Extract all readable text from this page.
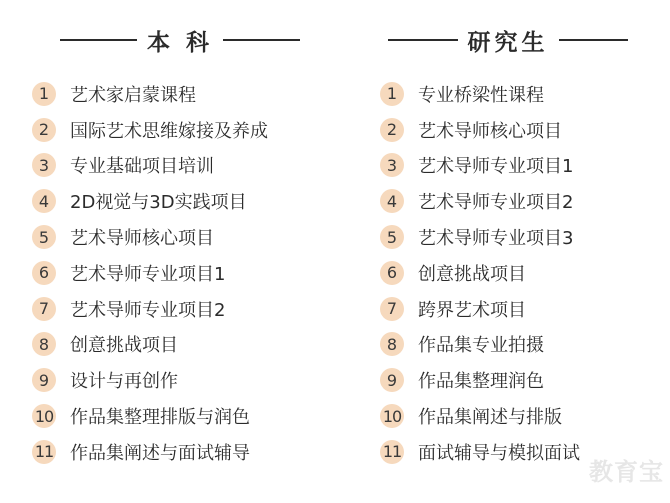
本 科
1	艺术家启蒙课程
2	国际艺术思维嫁接及养成
3	专业基础项目培训
4	2D视觉与3D实践项目
5	艺术导师核心项目
6	艺术导师专业项目1
7	艺术导师专业项目2
8	创意挑战项目
9	设计与再创作
10 作品集整理排版与润色
11 作品集阐述与面试辅导
研究生
1	专业桥梁性课程
2	艺术导师核心项目
3	艺术导师专业项目1
4	艺术导师专业项目2
5	艺术导师专业项目3
6	创意挑战项目
7	跨界艺术项目
8	作品集专业拍摄
9	作品集整理润色
10 作品集阐述与排版
11 面试辅导与模拟面试
教育宝
